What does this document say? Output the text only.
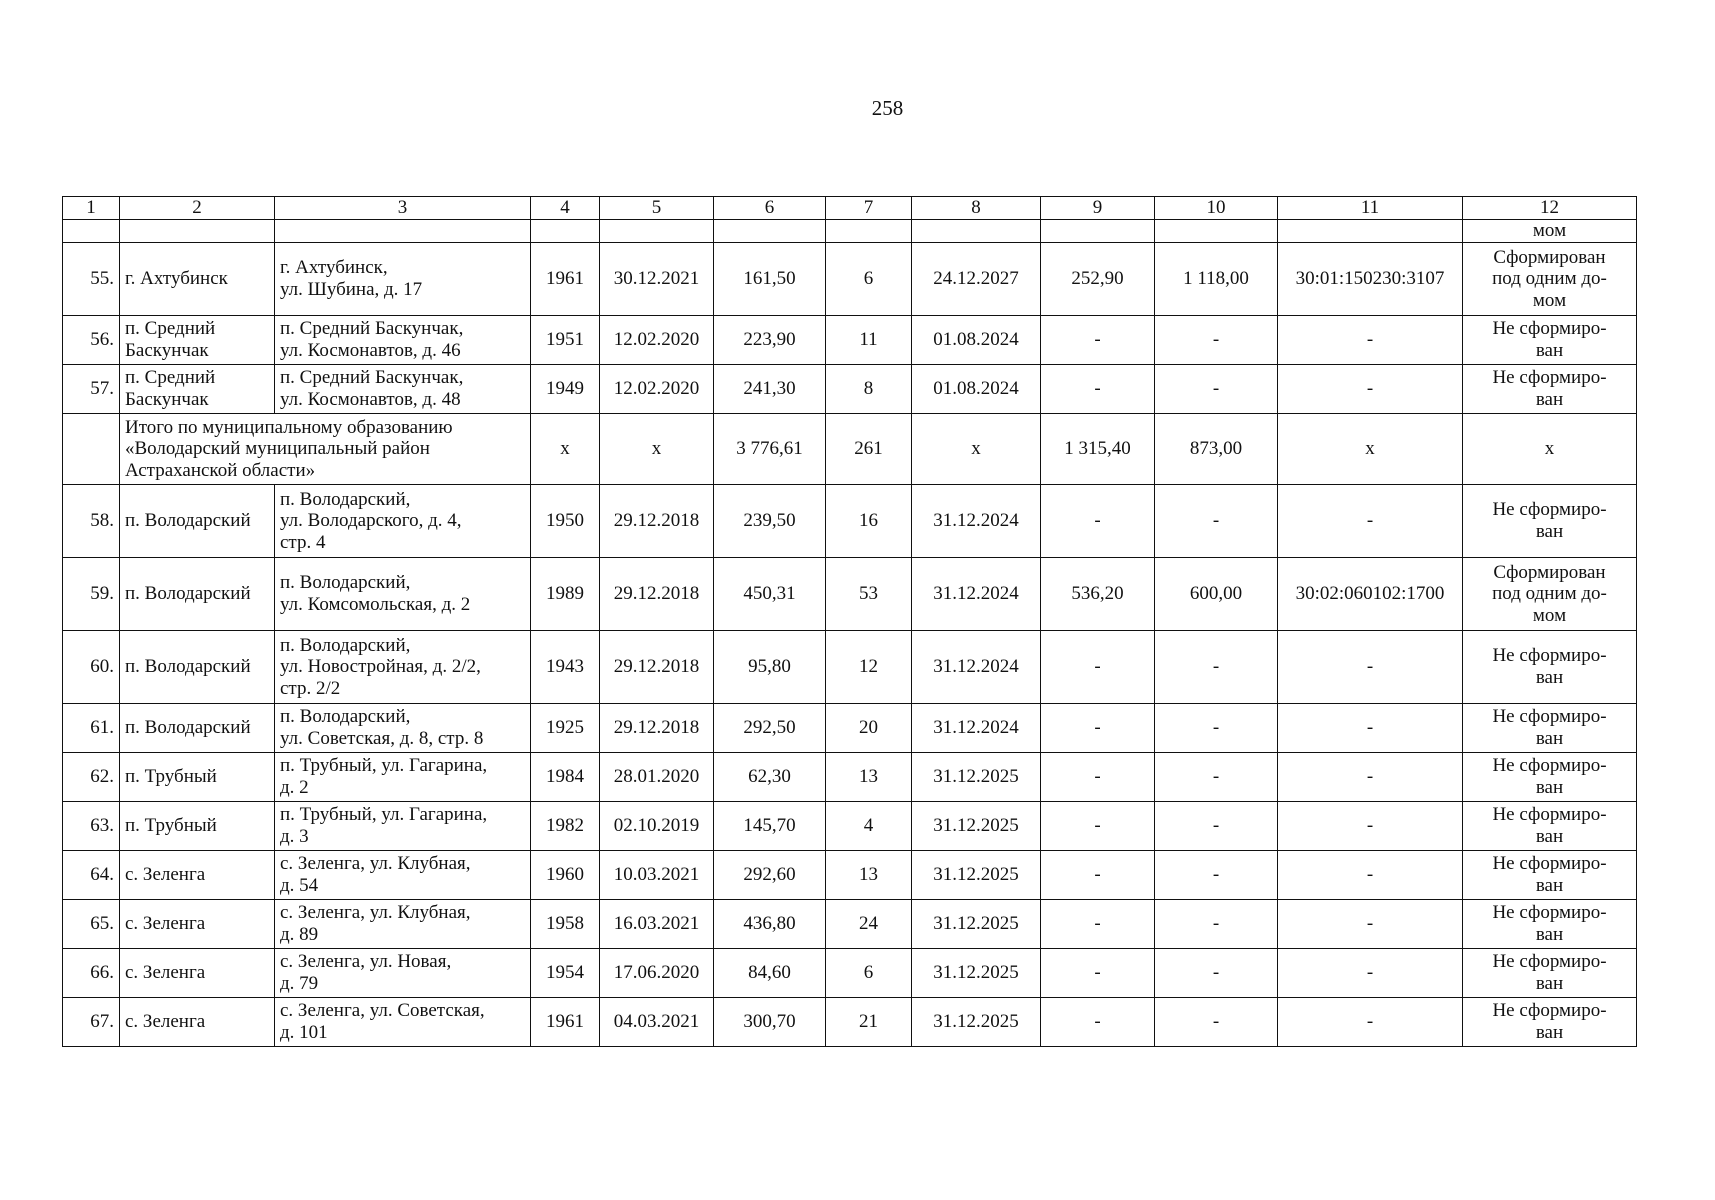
258
1	2	3	4	5	6	7	8	9	10	11	12
											мом
55.	г. Ахтубинск	г. Ахтубинск,
ул. Шубина, д. 17	1961	30.12.2021	161,50	6	24.12.2027	252,90	1 118,00	30:01:150230:3107	Сформирован
под одним до-
мом
56.	п. Средний Баскунчак	п. Средний Баскунчак,
ул. Космонавтов, д. 46	1951	12.02.2020	223,90	11	01.08.2024	-	-	-	Не сформиро-
ван
57.	п. Средний Баскунчак	п. Средний Баскунчак,
ул. Космонавтов, д. 48	1949	12.02.2020	241,30	8	01.08.2024	-	-	-	Не сформиро-
ван
	Итого по муниципальному образованию «Володарский муниципальный район Астраханской области»		х	х	3 776,61	261	х	1 315,40	873,00	х	х
58.	п. Володарский	п. Володарский,
ул. Володарского, д. 4,
стр. 4	1950	29.12.2018	239,50	16	31.12.2024	-	-	-	Не сформиро-
ван
59.	п. Володарский	п. Володарский,
ул. Комсомольская, д. 2	1989	29.12.2018	450,31	53	31.12.2024	536,20	600,00	30:02:060102:1700	Сформирован
под одним до-
мом
60.	п. Володарский	п. Володарский,
ул. Новостройная, д. 2/2,
стр. 2/2	1943	29.12.2018	95,80	12	31.12.2024	-	-	-	Не сформиро-
ван
61.	п. Володарский	п. Володарский,
ул. Советская, д. 8, стр. 8	1925	29.12.2018	292,50	20	31.12.2024	-	-	-	Не сформиро-
ван
62.	п. Трубный	п. Трубный, ул. Гагарина,
д. 2	1984	28.01.2020	62,30	13	31.12.2025	-	-	-	Не сформиро-
ван
63.	п. Трубный	п. Трубный, ул. Гагарина,
д. 3	1982	02.10.2019	145,70	4	31.12.2025	-	-	-	Не сформиро-
ван
64.	с. Зеленга	с. Зеленга, ул. Клубная,
д. 54	1960	10.03.2021	292,60	13	31.12.2025	-	-	-	Не сформиро-
ван
65.	с. Зеленга	с. Зеленга, ул. Клубная,
д. 89	1958	16.03.2021	436,80	24	31.12.2025	-	-	-	Не сформиро-
ван
66.	с. Зеленга	с. Зеленга, ул. Новая,
д. 79	1954	17.06.2020	84,60	6	31.12.2025	-	-	-	Не сформиро-
ван
67.	с. Зеленга	с. Зеленга, ул. Советская,
д. 101	1961	04.03.2021	300,70	21	31.12.2025	-	-	-	Не сформиро-
ван
